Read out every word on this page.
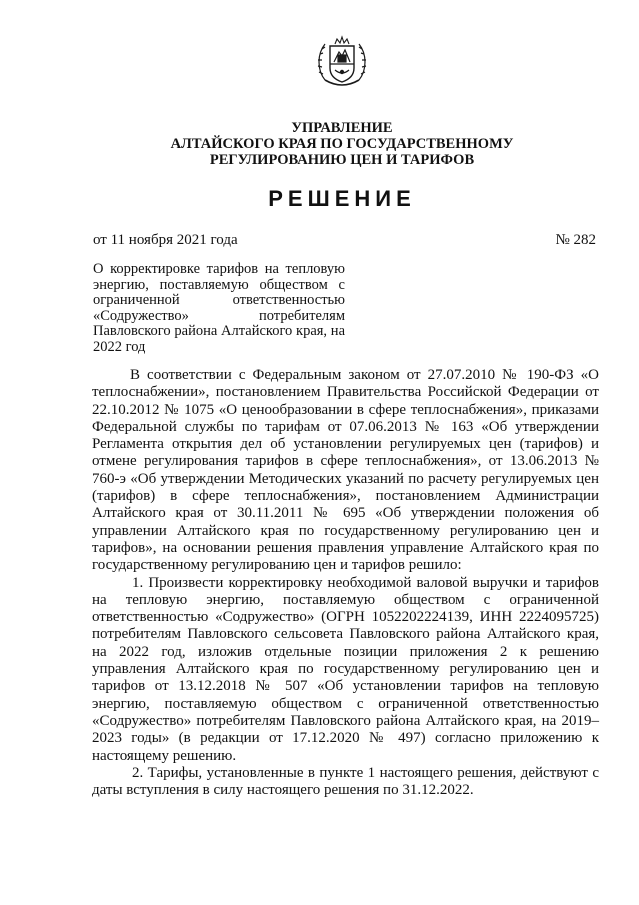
УПРАВЛЕНИЕ
АЛТАЙСКОГО КРАЯ ПО ГОСУДАРСТВЕННОМУ
РЕГУЛИРОВАНИЮ ЦЕН И ТАРИФОВ
РЕШЕНИЕ
от 11 ноября 2021 года	№ 282
О корректировке тарифов на тепловую энергию, поставляемую обществом с ограниченной ответственностью «Содружество» потребителям Павловского района Алтайского края, на 2022 год

В соответствии с Федеральным законом от 27.07.2010 № 190-ФЗ «О теплоснабжении», постановлением Правительства Российской Федерации от 22.10.2012 № 1075 «О ценообразовании в сфере теплоснабжения», приказами Федеральной службы по тарифам от 07.06.2013 № 163 «Об утверждении Регламента открытия дел об установлении регулируемых цен (тарифов) и отмене регулирования тарифов в сфере теплоснабжения», от 13.06.2013 № 760-э «Об утверждении Методических указаний по расчету регулируемых цен (тарифов) в сфере теплоснабжения», постановлением Администрации Алтайского края от 30.11.2011 № 695 «Об утверждении положения об управлении Алтайского края по государственному регулированию цен и тарифов», на основании решения правления управление Алтайского края по государственному регулированию цен и тарифов решило:

1. Произвести корректировку необходимой валовой выручки и тарифов на тепловую энергию, поставляемую обществом с ограниченной ответственностью «Содружество» (ОГРН 1052202224139, ИНН 2224095725) потребителям Павловского сельсовета Павловского района Алтайского края, на 2022 год, изложив отдельные позиции приложения 2 к решению управления Алтайского края по государственному регулированию цен и тарифов от 13.12.2018 № 507 «Об установлении тарифов на тепловую энергию, поставляемую обществом с ограниченной ответственностью «Содружество» потребителям Павловского района Алтайского края, на 2019–2023 годы» (в редакции от 17.12.2020 № 497) согласно приложению к настоящему решению.

2. Тарифы, установленные в пункте 1 настоящего решения, действуют с даты вступления в силу настоящего решения по 31.12.2022.
